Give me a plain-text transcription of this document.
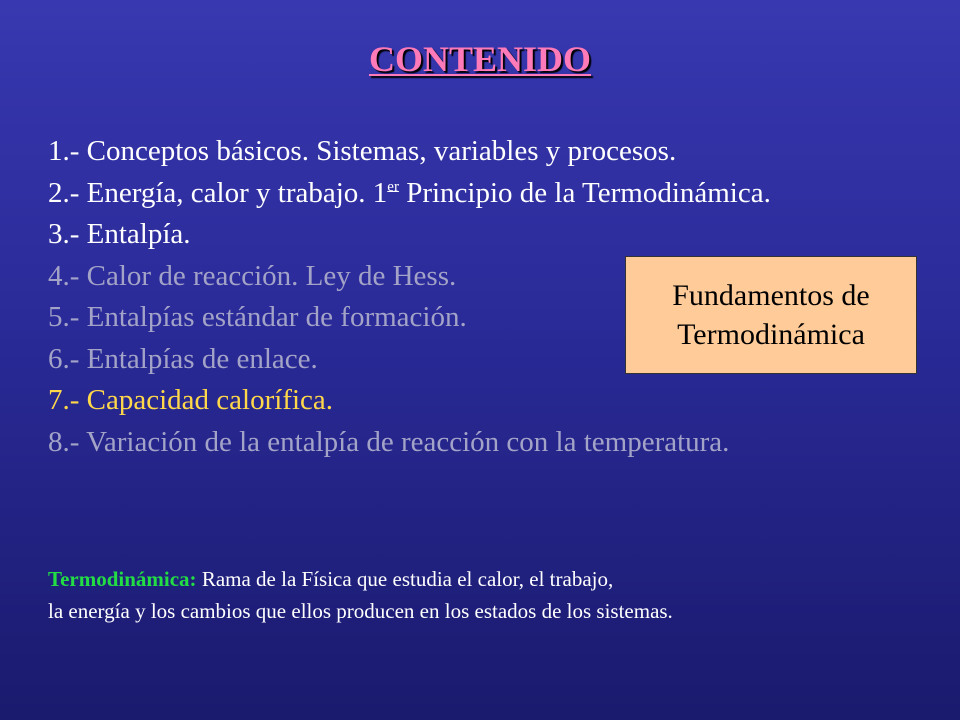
CONTENIDO
1.- Conceptos básicos. Sistemas, variables y procesos.
2.- Energía, calor y trabajo. 1er Principio de la Termodinámica.
3.- Entalpía.
4.- Calor de reacción. Ley de Hess.
5.- Entalpías estándar de formación.
6.- Entalpías de enlace.
7.- Capacidad calorífica.
8.- Variación de la entalpía de reacción con la temperatura.
Fundamentos de
Termodinámica
Termodinámica: Rama de la Física que estudia el calor, el trabajo,
la energía y los cambios que ellos producen en los estados de los sistemas.
